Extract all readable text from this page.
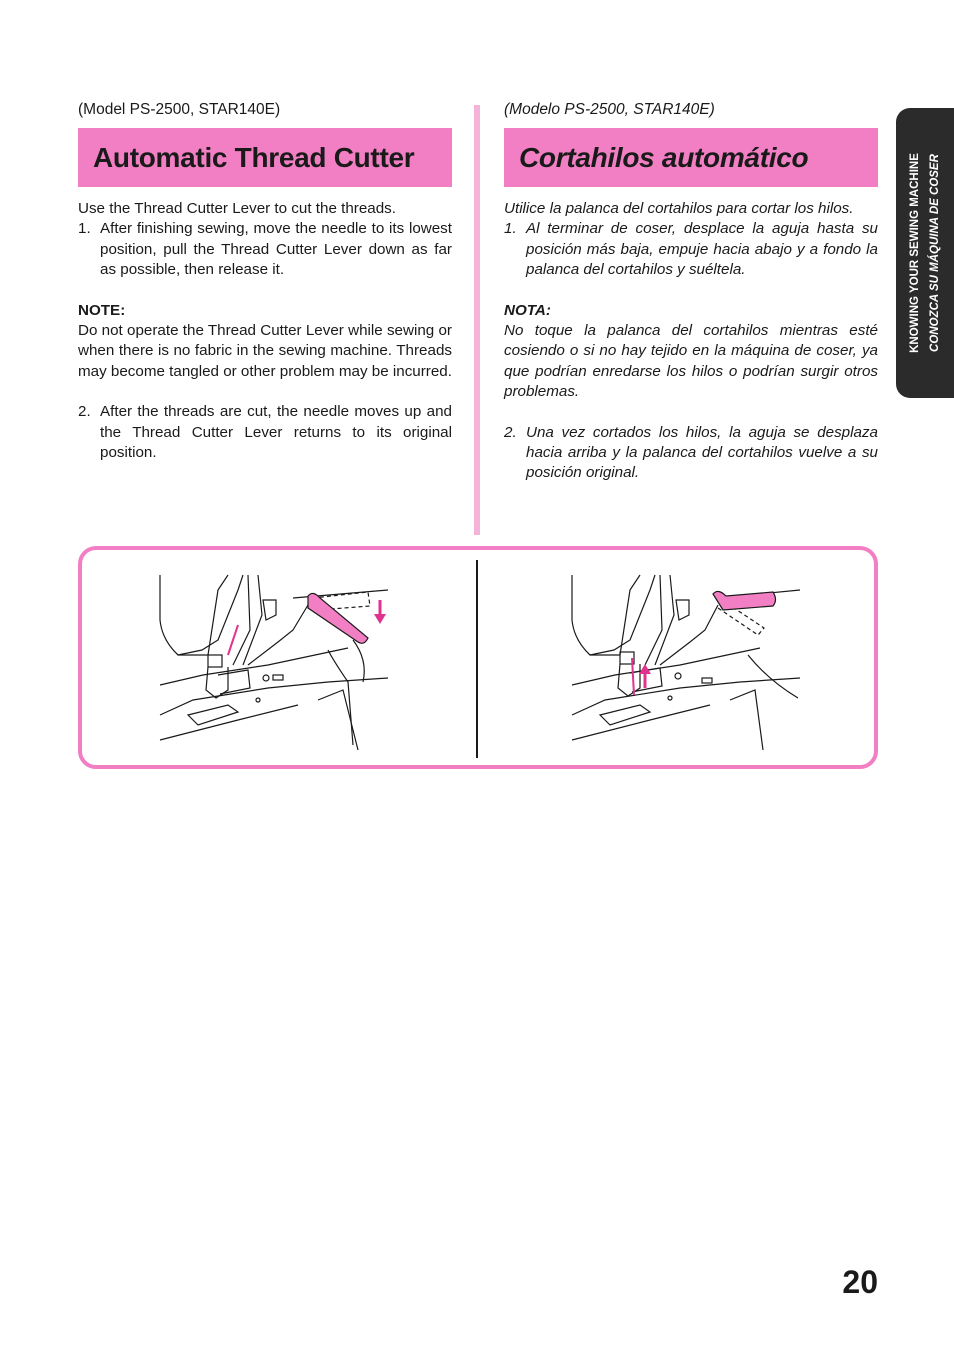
(Model PS-2500, STAR140E)
Automatic Thread Cutter

Use the Thread Cutter Lever to cut the threads.

1. After finishing sewing, move the needle to its lowest position, pull the Thread Cutter Lever down as far as possible, then release it.

NOTE:

Do not operate the Thread Cutter Lever while sewing or when there is no fabric in the sewing machine. Threads may become tangled or other problem may be incurred.

2. After the threads are cut, the needle moves up and the Thread Cutter Lever returns to its original position.
(Modelo PS-2500, STAR140E)
Cortahilos automático

Utilice la palanca del cortahilos para cortar los hilos.

1. Al terminar de coser, desplace la aguja hasta su posición más baja, empuje hacia abajo y a fondo la palanca del cortahilos y suéltela.

NOTA:

No toque la palanca del cortahilos mientras esté cosiendo o si no hay tejido en la máquina de coser, ya que podrían enredarse los hilos o podrían surgir otros problemas.

2. Una vez cortados los hilos, la aguja se desplaza hacia arriba y la palanca del cortahilos vuelve a su posición original.
KNOWING YOUR SEWING MACHINE CONOZCA SU MÁQUINA DE COSER
20
